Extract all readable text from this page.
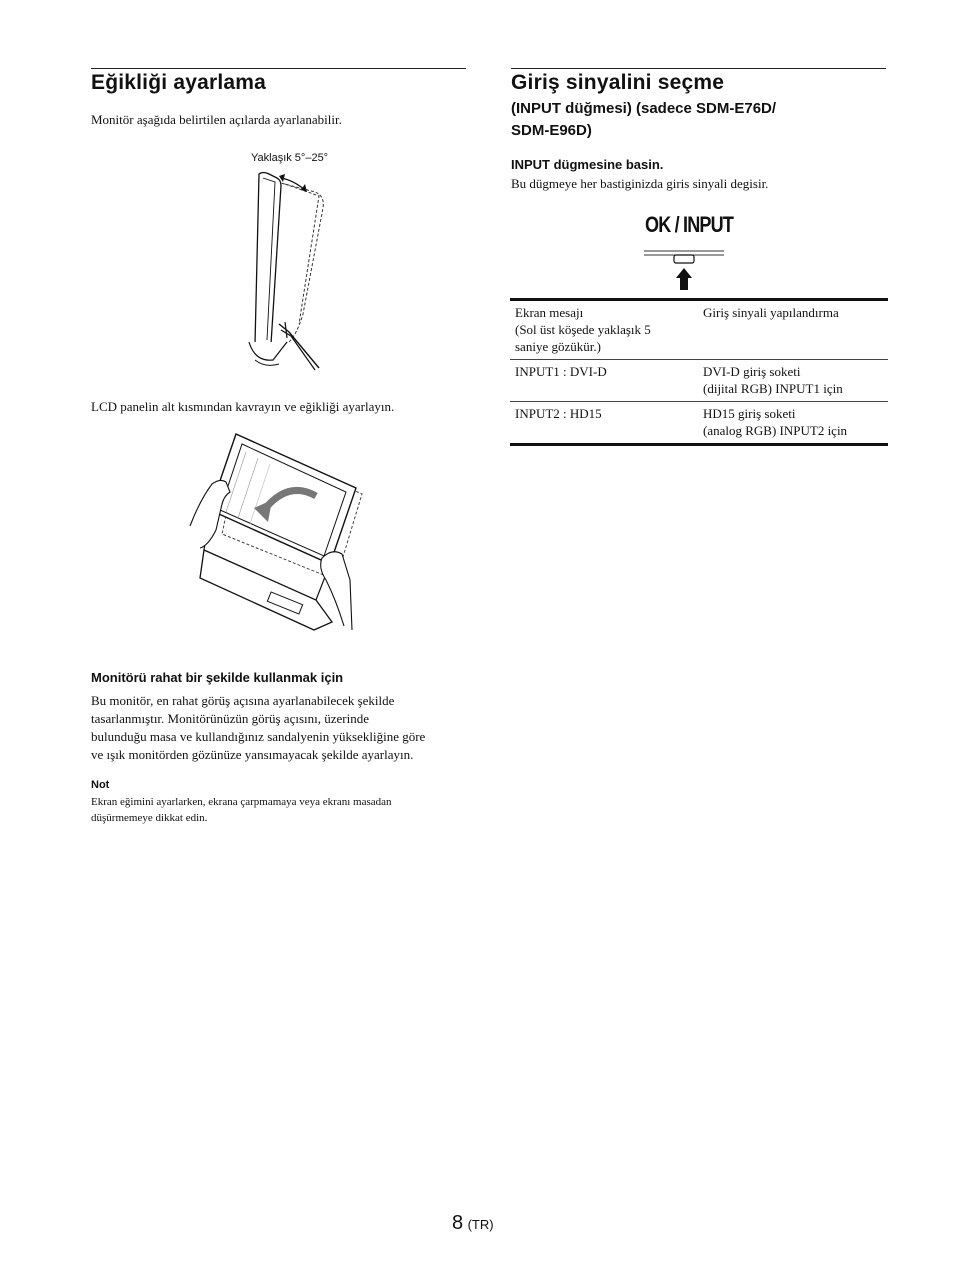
Eğikliği ayarlama
Monitör aşağıda belirtilen açılarda ayarlanabilir.
Yaklaşık 5°–25°
LCD panelin alt kısmından kavrayın ve eğikliği ayarlayın.
Monitörü rahat bir şekilde kullanmak için
Bu monitör, en rahat görüş açısına ayarlanabilecek şekilde
tasarlanmıştır. Monitörünüzün görüş açısını, üzerinde
bulunduğu masa ve kullandığınız sandalyenin yüksekliğine göre
ve ışık monitörden gözünüze yansımayacak şekilde ayarlayın.
Not
Ekran eğimini ayarlarken, ekrana çarpmamaya veya ekranı masadan
düşürmemeye dikkat edin.
Giriş sinyalini seçme
(INPUT düğmesi) (sadece SDM-E76D/
SDM-E96D)
INPUT dügmesine basin.
Bu dügmeye her bastiginizda giris sinyali degisir.
OK / INPUT
Ekran mesajı
(Sol üst köşede yaklaşık 5
saniye gözükür.)	Giriş sinyali yapılandırma

INPUT1 : DVI-D	DVI-D giriş soketi
(dijital RGB) INPUT1 için

INPUT2 : HD15	HD15 giriş soketi
(analog RGB) INPUT2 için
8 (TR)
